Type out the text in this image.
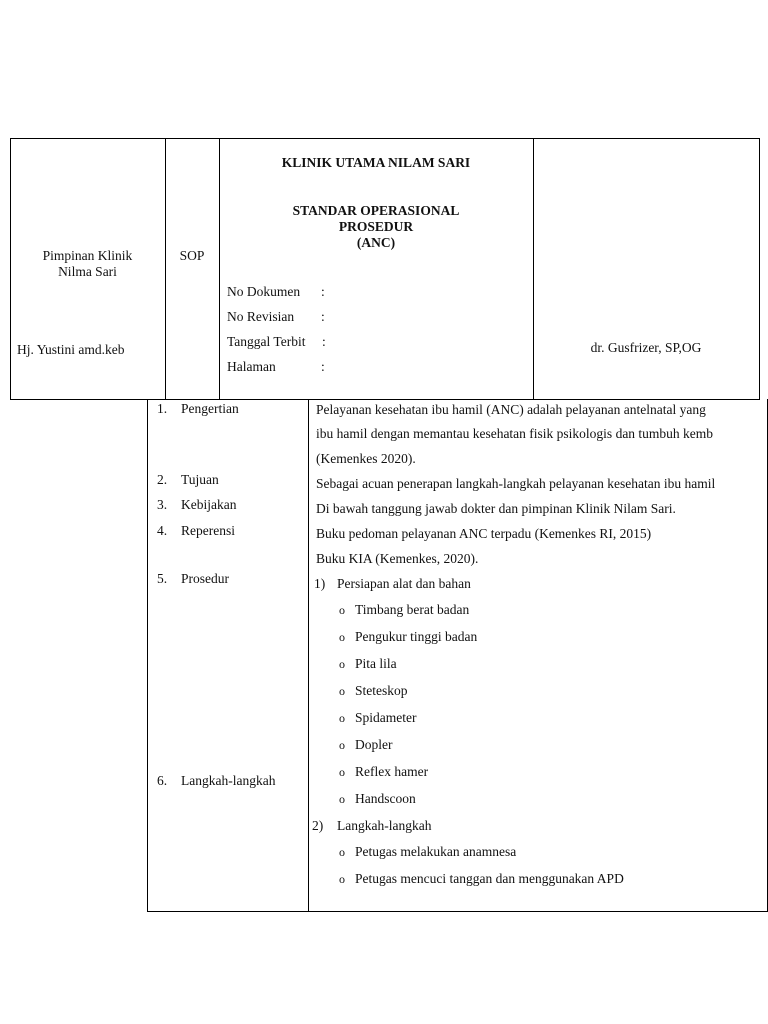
Pimpinan Klinik
Nilma Sari
Hj. Yustini amd.keb
SOP
KLINIK UTAMA NILAM SARI
STANDAR OPERASIONAL
PROSEDUR
(ANC)
No Dokumen :
No Revisian :
Tanggal Terbit :
Halaman	:
dr. Gusfrizer, SP,OG
1. Pengertian
2. Tujuan
3. Kebijakan
4. Reperensi
5. Prosedur
6. Langkah-langkah
Pelayanan kesehatan ibu hamil (ANC) adalah pelayanan antelnatal yang
ibu hamil dengan memantau kesehatan fisik psikologis dan tumbuh kemb
(Kemenkes 2020).
Sebagai acuan penerapan langkah-langkah pelayanan kesehatan ibu hamil
Di bawah tanggung jawab dokter dan pimpinan Klinik Nilam Sari.
Buku pedoman pelayanan ANC terpadu (Kemenkes RI, 2015)
Buku KIA (Kemenkes, 2020).
1) Persiapan alat dan bahan
o Timbang berat badan
o Pengukur tinggi badan
o Pita lila
o Steteskop
o Spidameter
o Dopler
o Reflex hamer
o Handscoon
2) Langkah-langkah
o Petugas melakukan anamnesa
o Petugas mencuci tanggan dan menggunakan APD
